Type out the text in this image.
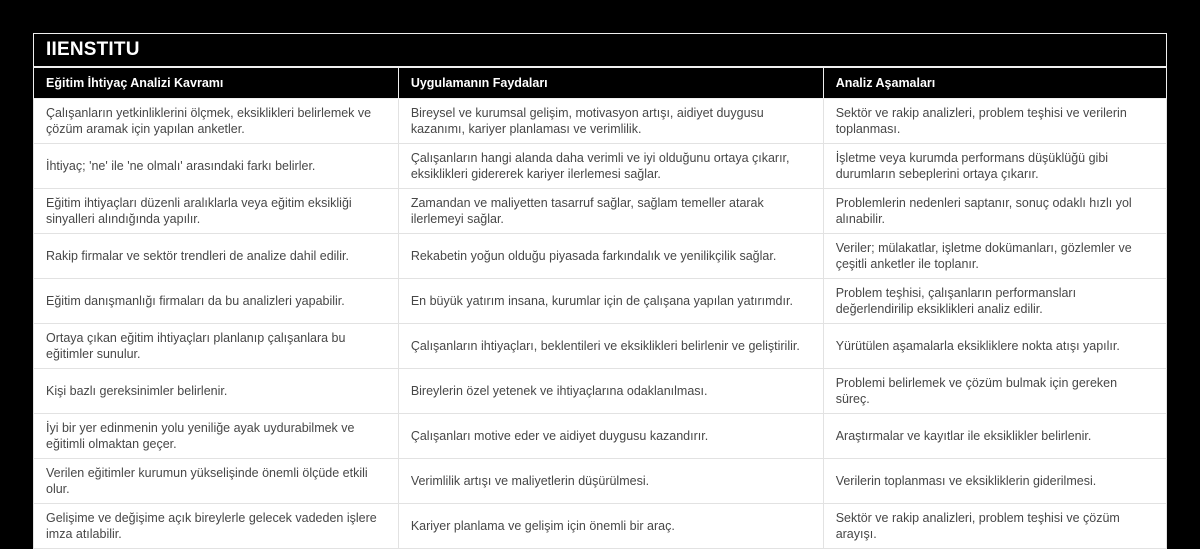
IIENSTITU
Eğitim İhtiyaç Analizi Kavramı	Uygulamanın Faydaları	Analiz Aşamaları
Çalışanların yetkinliklerini ölçmek, eksiklikleri belirlemek ve çözüm aramak için yapılan anketler.	Bireysel ve kurumsal gelişim, motivasyon artışı, aidiyet duygusu kazanımı, kariyer planlaması ve verimlilik.	Sektör ve rakip analizleri, problem teşhisi ve verilerin toplanması.
İhtiyaç; 'ne' ile 'ne olmalı' arasındaki farkı belirler.	Çalışanların hangi alanda daha verimli ve iyi olduğunu ortaya çıkarır, eksiklikleri gidererek kariyer ilerlemesi sağlar.	İşletme veya kurumda performans düşüklüğü gibi durumların sebeplerini ortaya çıkarır.
Eğitim ihtiyaçları düzenli aralıklarla veya eğitim eksikliği sinyalleri alındığında yapılır.	Zamandan ve maliyetten tasarruf sağlar, sağlam temeller atarak ilerlemeyi sağlar.	Problemlerin nedenleri saptanır, sonuç odaklı hızlı yol alınabilir.
Rakip firmalar ve sektör trendleri de analize dahil edilir.	Rekabetin yoğun olduğu piyasada farkındalık ve yenilikçilik sağlar.	Veriler; mülakatlar, işletme dokümanları, gözlemler ve çeşitli anketler ile toplanır.
Eğitim danışmanlığı firmaları da bu analizleri yapabilir.	En büyük yatırım insana, kurumlar için de çalışana yapılan yatırımdır.	Problem teşhisi, çalışanların performansları değerlendirilip eksiklikleri analiz edilir.
Ortaya çıkan eğitim ihtiyaçları planlanıp çalışanlara bu eğitimler sunulur.	Çalışanların ihtiyaçları, beklentileri ve eksiklikleri belirlenir ve geliştirilir.	Yürütülen aşamalarla eksikliklere nokta atışı yapılır.
Kişi bazlı gereksinimler belirlenir.	Bireylerin özel yetenek ve ihtiyaçlarına odaklanılması.	Problemi belirlemek ve çözüm bulmak için gereken süreç.
İyi bir yer edinmenin yolu yeniliğe ayak uydurabilmek ve eğitimli olmaktan geçer.	Çalışanları motive eder ve aidiyet duygusu kazandırır.	Araştırmalar ve kayıtlar ile eksiklikler belirlenir.
Verilen eğitimler kurumun yükselişinde önemli ölçüde etkili olur.	Verimlilik artışı ve maliyetlerin düşürülmesi.	Verilerin toplanması ve eksikliklerin giderilmesi.
Gelişime ve değişime açık bireylerle gelecek vadeden işlere imza atılabilir.	Kariyer planlama ve gelişim için önemli bir araç.	Sektör ve rakip analizleri, problem teşhisi ve çözüm arayışı.
